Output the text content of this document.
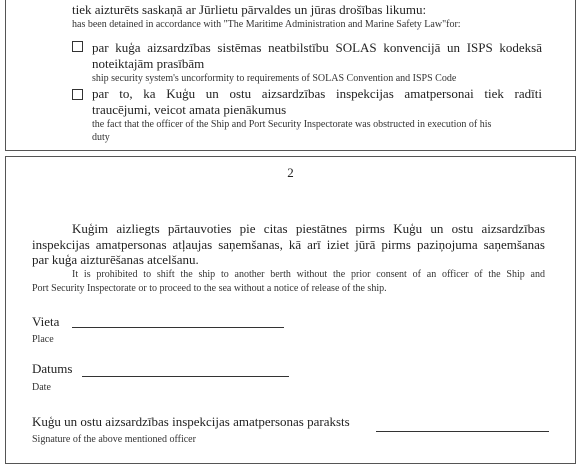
tiek aizturēts saskaņā ar Jūrlietu pārvaldes un jūras drošības likumu:
has been detained in accordance with "The Maritime Administration and Marine Safety Law"for:
par kuģa aizsardzības sistēmas neatbilstību SOLAS konvencijā un ISPS kodeksā
noteiktajām prasībām
ship security system's uncorformity to requirements of SOLAS Convention and ISPS Code
par to, ka Kuģu un ostu aizsardzības inspekcijas amatpersonai tiek radīti
traucējumi, veicot amata pienākumus
the fact that the officer of the Ship and Port Security Inspectorate was obstructed in execution of his
duty
2
Kuģim aizliegts pārtauvoties pie citas piestātnes pirms Kuģu un ostu aizsardzības
inspekcijas amatpersonas atļaujas saņemšanas, kā arī iziet jūrā pirms paziņojuma saņemšanas
par kuģa aizturēšanas atcelšanu.
It is prohibited to shift the ship to another berth without the prior consent of an officer of the Ship and
Port Security Inspectorate or to proceed to the sea without a notice of release of the ship.
Vieta
Place
Datums
Date
Kuģu un ostu aizsardzības inspekcijas amatpersonas paraksts
Signature of the above mentioned officer
